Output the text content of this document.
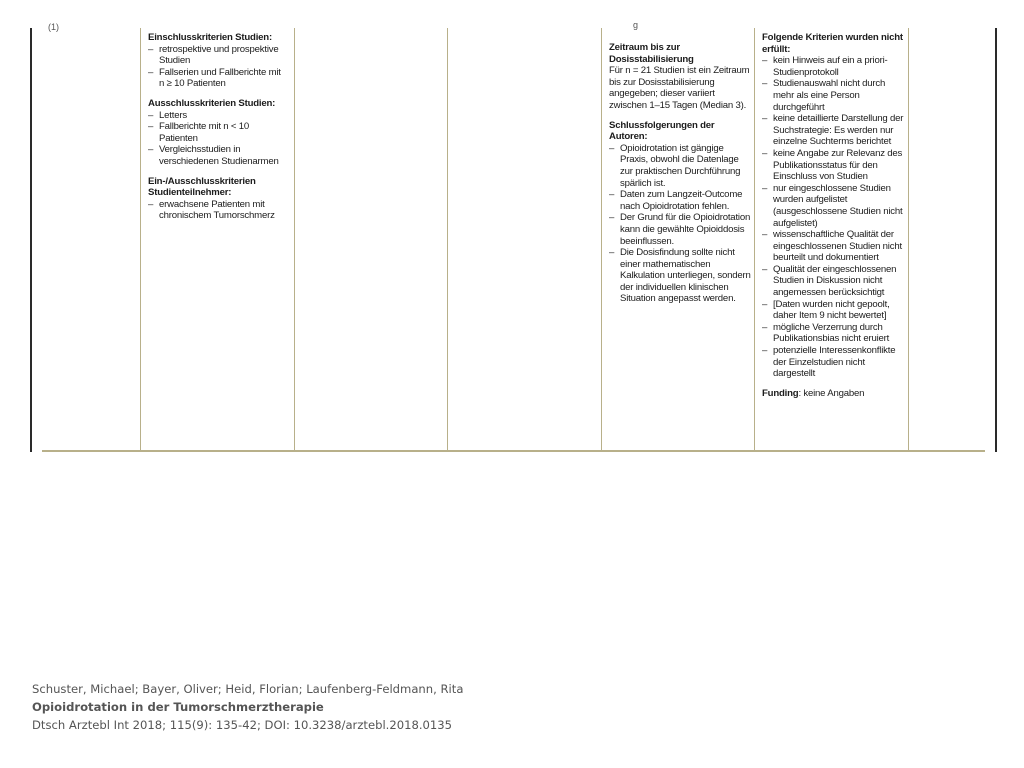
(1)	g
Einschlusskriterien Studien:
– retrospektive und prospektive Studien
– Fallserien und Fallberichte mit n ≥ 10 Patienten
Ausschlusskriterien Studien:
– Letters
– Fallberichte mit n < 10 Patienten
– Vergleichsstudien in verschiedenen Studienarmen
Ein-/Ausschlusskriterien Studienteilnehmer:
– erwachsene Patienten mit chronischem Tumorschmerz
Zeitraum bis zur Dosisstabilisierung

Für n = 21 Studien ist ein Zeitraum bis zur Dosisstabilisierung angegeben; dieser variiert zwischen 1–15 Tagen (Median 3).

Schlussfolgerungen der Autoren:
– Opioidrotation ist gängige Praxis, obwohl die Datenlage zur praktischen Durchführung spärlich ist.
– Daten zum Langzeit-Outcome nach Opioidrotation fehlen.
– Der Grund für die Opioidrotation kann die gewählte Opioiddosis beeinflussen.
– Die Dosisfindung sollte nicht einer mathematischen Kalkulation unterliegen, sondern der individuellen klinischen Situation angepasst werden.
Folgende Kriterien wurden nicht erfüllt:
– kein Hinweis auf ein a priori-Studienprotokoll
– Studienauswahl nicht durch mehr als eine Person durchgeführt
– keine detaillierte Darstellung der Suchstrategie: Es werden nur einzelne Suchterms berichtet
– keine Angabe zur Relevanz des Publikationsstatus für den Einschluss von Studien
– nur eingeschlossene Studien wurden aufgelistet (ausgeschlossene Studien nicht aufgelistet)
– wissenschaftliche Qualität der eingeschlossenen Studien nicht beurteilt und dokumentiert
– Qualität der eingeschlossenen Studien in Diskussion nicht angemessen berücksichtigt
– [Daten wurden nicht gepoolt, daher Item 9 nicht bewertet]
– mögliche Verzerrung durch Publikationsbias nicht eruiert
– potenzielle Interessenkonflikte der Einzelstudien nicht dargestellt

Funding: keine Angaben

Schuster, Michael; Bayer, Oliver; Heid, Florian; Laufenberg-Feldmann, Rita
Opioidrotation in der Tumorschmerztherapie
Dtsch Arztebl Int 2018; 115(9): 135-42; DOI: 10.3238/arztebl.2018.0135
